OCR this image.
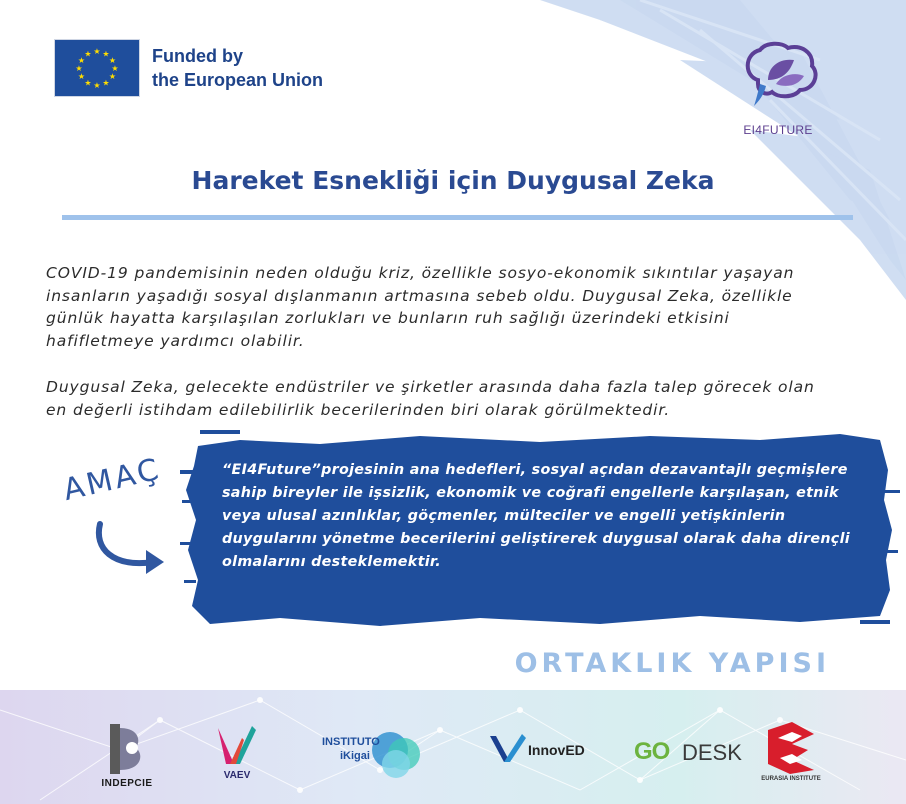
★ ★
★
★
★
★
★
★
★
★
★
★	Funded by
the European Union
EI4FUTURE
Hareket Esnekliği için Duygusal Zeka
COVID-19 pandemisinin neden olduğu kriz, özellikle sosyo-ekonomik sıkıntılar yaşayan insanların yaşadığı sosyal dışlanmanın artmasına sebeb oldu. Duygusal Zeka, özellikle günlük hayatta karşılaşılan zorlukları ve bunların ruh sağlığı üzerindeki etkisini hafifletmeye yardımcı olabilir.
Duygusal Zeka, gelecekte endüstriler ve şirketler arasında daha fazla talep görecek olan en değerli istihdam edilebilirlik becerilerinden biri olarak görülmektedir.
AMAÇ	“EI4Future”projesinin ana hedefleri, sosyal açıdan dezavantajlı geçmişlere sahip bireyler ile işsizlik, ekonomik ve coğrafi engellerle karşılaşan, etnik veya ulusal azınlıklar, göçmenler, mülteciler ve engelli yetişkinlerin duygularını yönetme becerilerini geliştirerek duygusal olarak daha dirençli olmalarını desteklemektir.
ORTAKLIK YAPISI
INDEPCIE
VAEV
INSTITUTO
iKigai	InnovED GO DESK
EURASIA INSTITUTE
